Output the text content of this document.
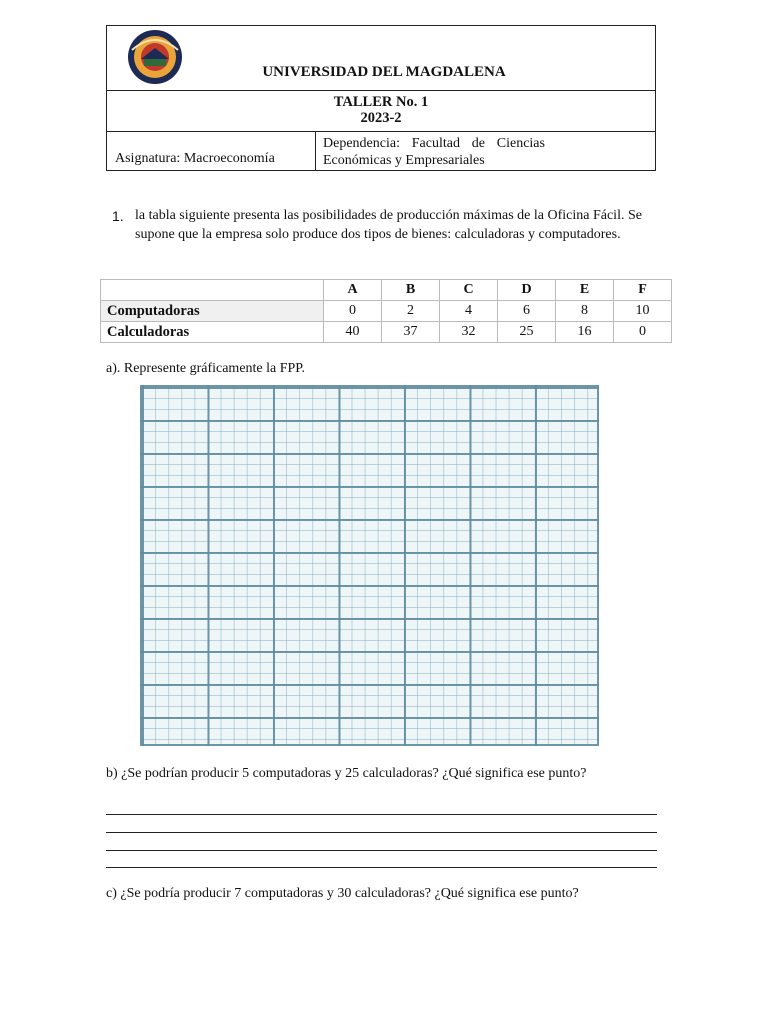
UNIVERSIDAD DEL MAGDALENA

TALLER No. 1
2023-2

Asignatura: Macroeconomía

Dependencia: Facultad de Ciencias
Económicas y Empresariales
1. la tabla siguiente presenta las posibilidades de producción máximas de la Oficina Fácil. Se supone que la empresa solo produce dos tipos de bienes: calculadoras y computadores.
	A	B	C	D	E	F
Computadoras	0	2	4	6	8	10
Calculadoras	40	37	32	25	16	0
a). Represente gráficamente la FPP.
b) ¿Se podrían producir 5 computadoras y 25 calculadoras? ¿Qué significa ese punto?
c) ¿Se podría producir 7 computadoras y 30 calculadoras? ¿Qué significa ese punto?
